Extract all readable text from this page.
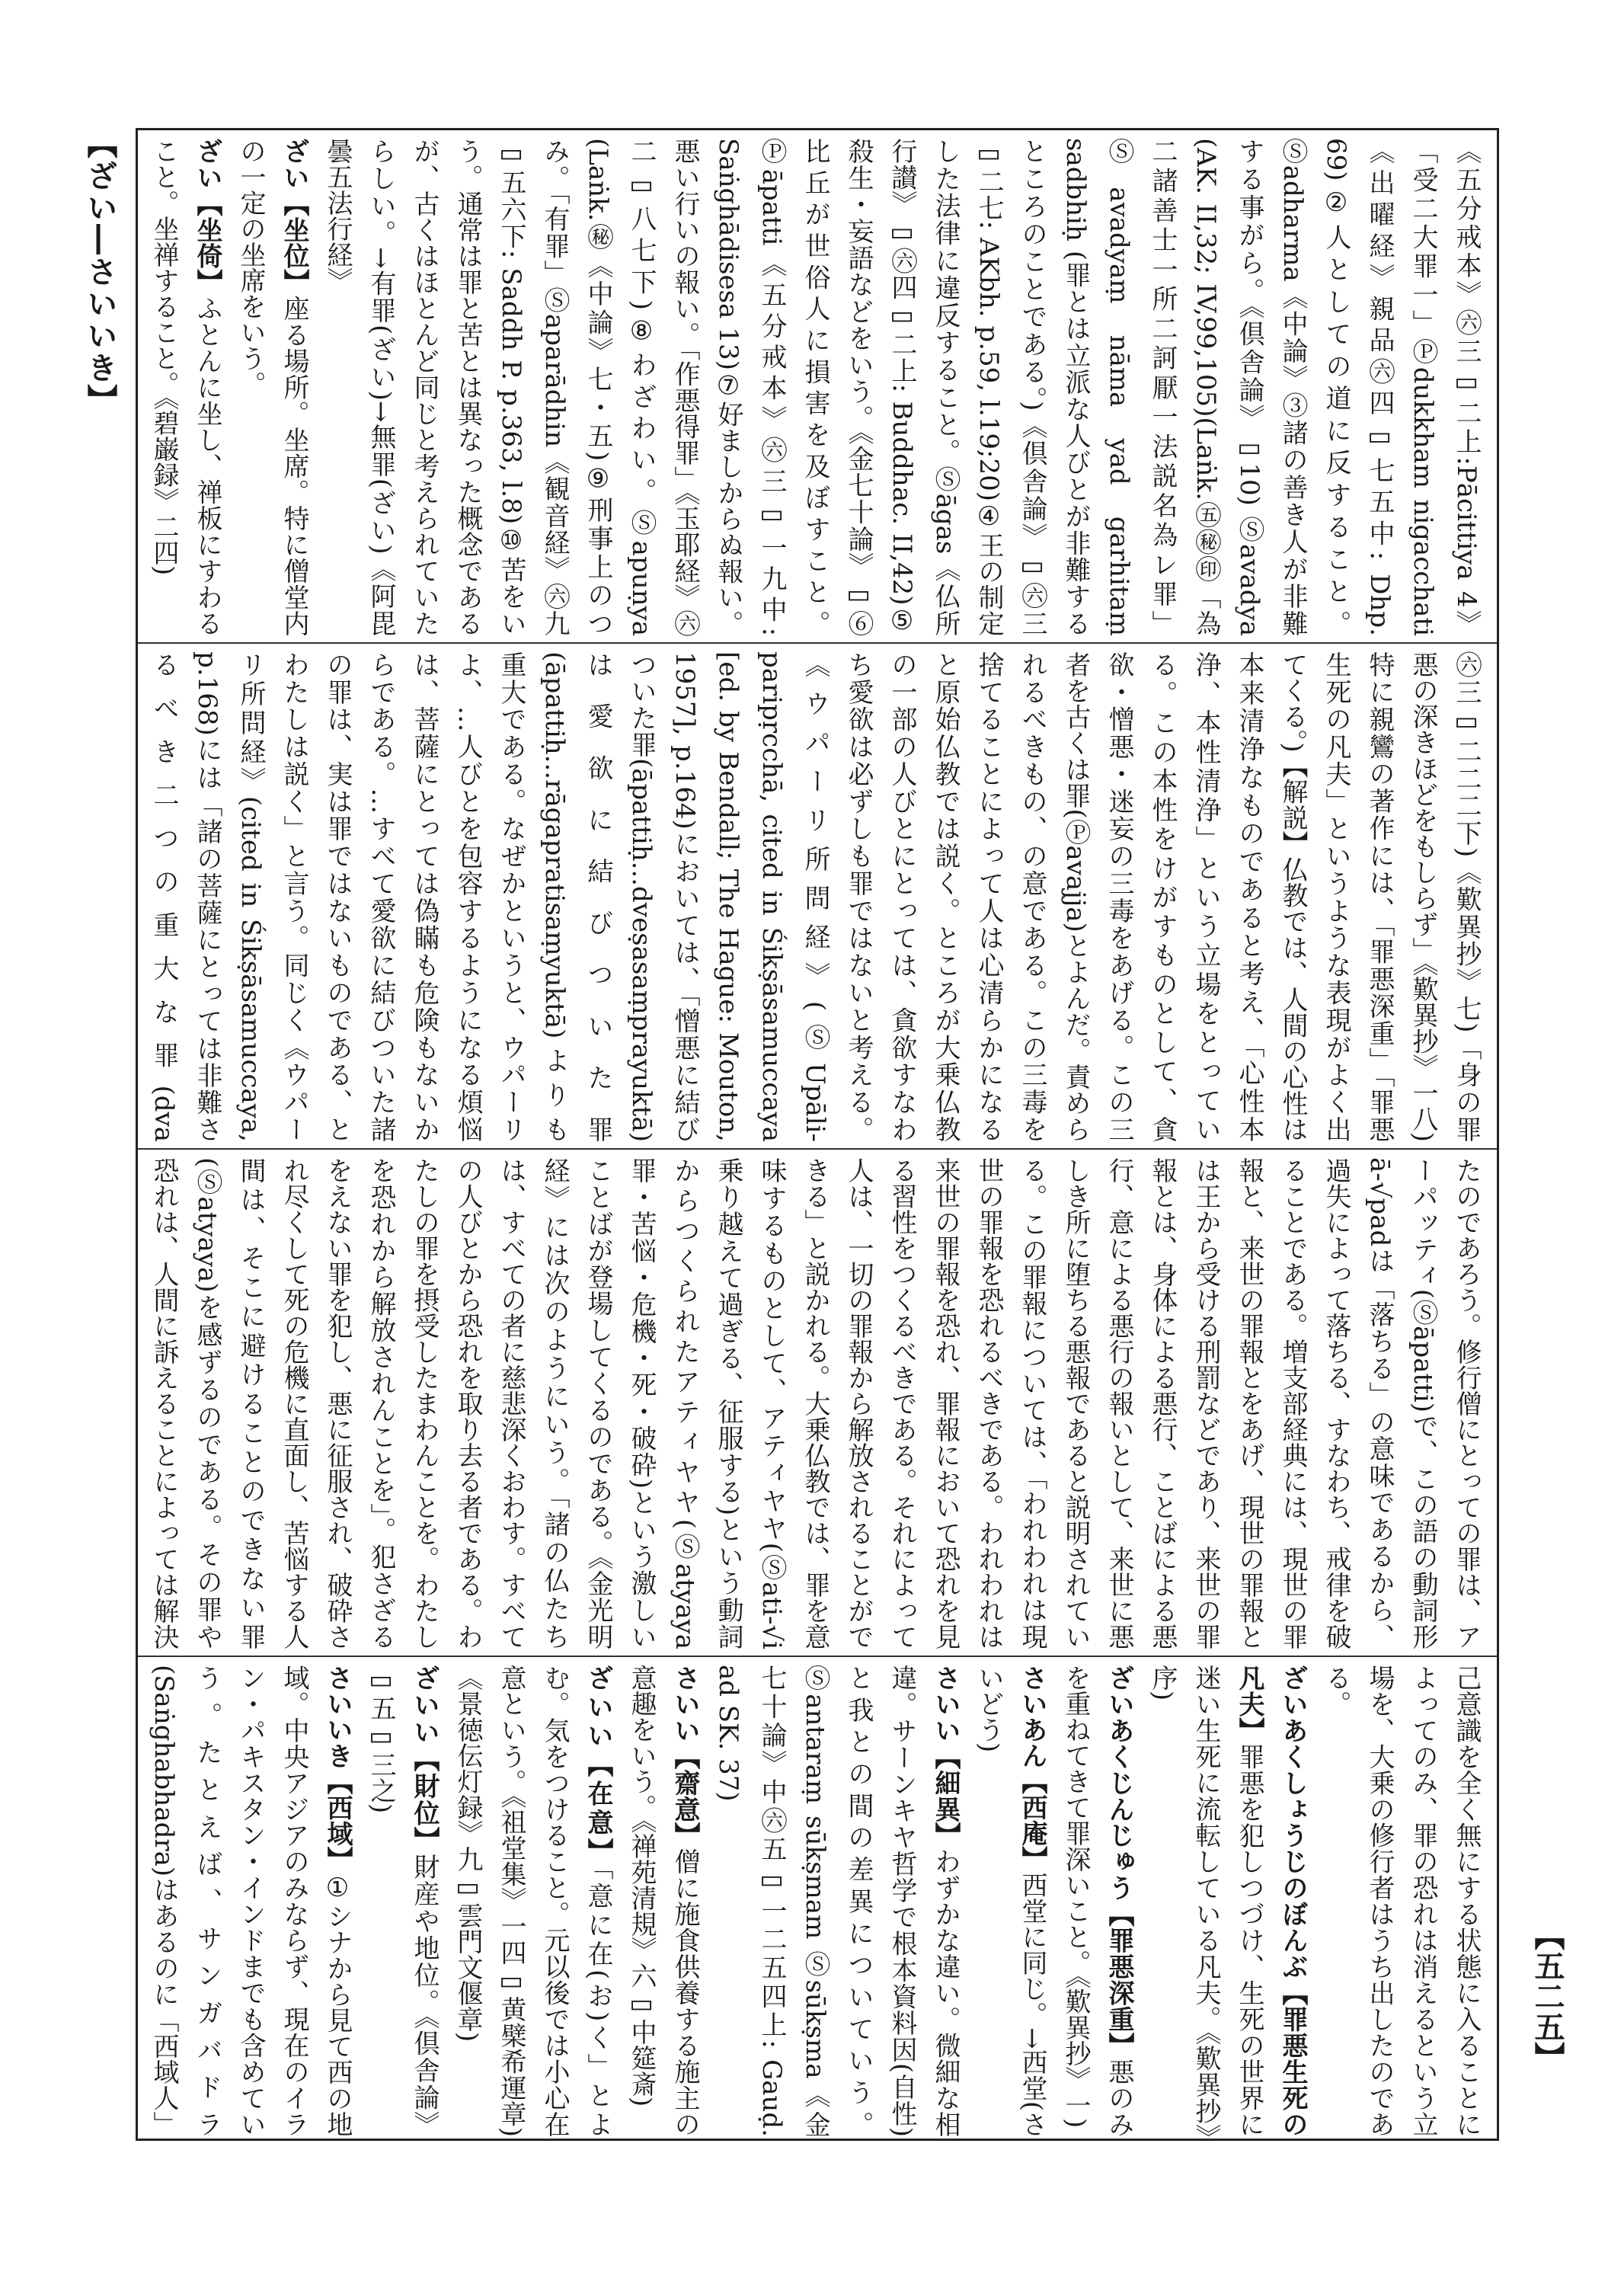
【ざい―さいいき】	《五分戒本》㊅三▭二上:Pācittiya 4》「受二大罪一」Ⓟdukkham nigacchati《出曜経》親品㊅四▭七五中: Dhp. 69)②人としての道に反すること。Ⓢadharma《中論》③諸の善き人が非難する事がら。《倶舎論》▭10) Ⓢavadya (AK. II,32; IV,99,105)(Laṅk.㊄㊙㊞「為二諸善士一所二訶厭一法説名為レ罪」Ⓢavadyaṃ nāma yad garhitaṃ sadbhiḥ (罪とは立派な人びとが非難するところのことである。)《倶舎論》▭㊅三▭二七: AKbh. p.59, l.19;20)④王の制定した法律に違反すること。Ⓢāgas《仏所行讃》▭㊅四▭二上: Buddhac. II,42)⑤殺生・妄語などをいう。《金七十論》▭⑥比丘が世俗人に損害を及ぼすこと。Ⓟāpatti《五分戒本》㊅三▭一九中: Saṅghādisesa 13)⑦好ましからぬ報い。悪い行いの報い。「作悪得罪」《玉耶経》㊅二▭八七下)⑧わざわい。Ⓢapuṇya (Laṅk.㊙《中論》七・五)⑨刑事上のつみ。「有罪」Ⓢaparādhin《観音経》㊅九▭五六下: Saddh P. p.363, l.8)⑩苦をいう。通常は罪と苦とは異なった概念であるが、古くはほとんど同じと考えられていたらしい。→有罪(ざい)→無罪(ざい)《阿毘曇五法行経》
ざい【坐位】座る場所。坐席。特に僧堂内の一定の坐席をいう。
ざい【坐倚】ふとんに坐し、禅板にすわること。坐禅すること。《碧巌録》二四)
㊅三▭二二二下)《歎異抄》七)「身の罪悪の深きほどをもしらず」《歎異抄》一八)特に親鸞の著作には、「罪悪深重」「罪悪生死の凡夫」というような表現がよく出てくる。)【解説】仏教では、人間の心性は本来清浄なものであると考え、「心性本浄、本性清浄」という立場をとっている。この本性をけがすものとして、貪欲・憎悪・迷妄の三毒をあげる。この三者を古くは罪(Ⓟavajja)とよんだ。責められるべきもの、の意である。この三毒を捨てることによって人は心清らかになると原始仏教では説く。ところが大乗仏教の一部の人びとにとっては、貪欲すなわち愛欲は必ずしも罪ではないと考える。《ウパーリ所問経》(ⓈUpāli-paripṛcchā, cited in Śikṣāsamuccaya [ed. by Bendall; The Hague: Mouton, 1957], p.164)においては、「憎悪に結びついた罪(āpattiḥ...dveṣasaṃprayuktā)は愛欲に結びついた罪(āpattiḥ...rāgapratisaṃyuktā)よりも重大である。なぜかというと、ウパーリよ、…人びとを包容するようになる煩悩は、菩薩にとっては偽瞞も危険もないからである。…すべて愛欲に結びついた諸の罪は、実は罪ではないものである、とわたしは説く」と言う。同じく《ウパーリ所問経》(cited in Śikṣāsamuccaya, p.168)には「諸の菩薩にとっては非難さるべき二つの重大な罪(dva
たのであろう。修行僧にとっての罪は、アーパッティ(Ⓢāpatti)で、この語の動詞形ā-√padは「落ちる」の意味であるから、過失によって落ちる、すなわち、戒律を破ることである。増支部経典には、現世の罪報と、来世の罪報とをあげ、現世の罪報とは王から受ける刑罰などであり、来世の罪報とは、身体による悪行、ことばによる悪行、意による悪行の報いとして、来世に悪しき所に堕ちる悪報であると説明されている。この罪報については、「われわれは現世の罪報を恐れるべきである。われわれは来世の罪報を恐れ、罪報において恐れを見る習性をつくるべきである。それによって人は、一切の罪報から解放されることができる」と説かれる。大乗仏教では、罪を意味するものとして、アティヤヤ(Ⓢati-√i 乗り越えて過ぎる、征服する)という動詞からつくられたアティヤヤ(Ⓢatyaya 罪・苦悩・危機・死・破砕)という激しいことばが登場してくるのである。《金光明経》には次のようにいう。「諸の仏たちは、すべての者に慈悲深くおわす。すべての人びとから恐れを取り去る者である。わたしの罪を摂受したまわんことを。わたしを恐れから解放されんことを」。犯さざるをえない罪を犯し、悪に征服され、破砕され尽くして死の危機に直面し、苦悩する人間は、そこに避けることのできない罪(Ⓢatyaya)を感ずるのである。その罪や恐れは、人間に訴えることによっては解決
己意識を全く無にする状態に入ることによってのみ、罪の恐れは消えるという立場を、大乗の修行者はうち出したのである。
ざいあくしょうじのぼんぶ【罪悪生死の凡夫】罪悪を犯しつづけ、生死の世界に迷い生死に流転している凡夫。《歎異抄》序)
ざいあくじんじゅう【罪悪深重】悪のみを重ねてきて罪深いこと。《歎異抄》一)
さいあん【西庵】西堂に同じ。→西堂(さいどう)
さいい【細異】わずかな違い。微細な相違。サーンキヤ哲学で根本資料因(自性)と我との間の差異についていう。Ⓢantaraṃ sūkṣmam Ⓢsūkṣma《金七十論》中㊅五▭一二五四上: Gauḍ. ad SK. 37)
さいい【齋意】僧に施食供養する施主の意趣をいう。《禅苑清規》六▭中筵斎)
ざいい【在意】「意に在(お)く」とよむ。気をつけること。元以後では小心在意という。《祖堂集》一四▭黄檗希運章)《景徳伝灯録》九▭雲門文偃章)
ざいい【財位】財産や地位。《倶舎論》▭五▭三之)
さいいき【西域】①シナから見て西の地域。中央アジアのみならず、現在のイラン・パキスタン・インドまでも含めていう。たとえば、サンガバドラ(Saṅghabhadra)はあるのに「西域人」
【五二五】
